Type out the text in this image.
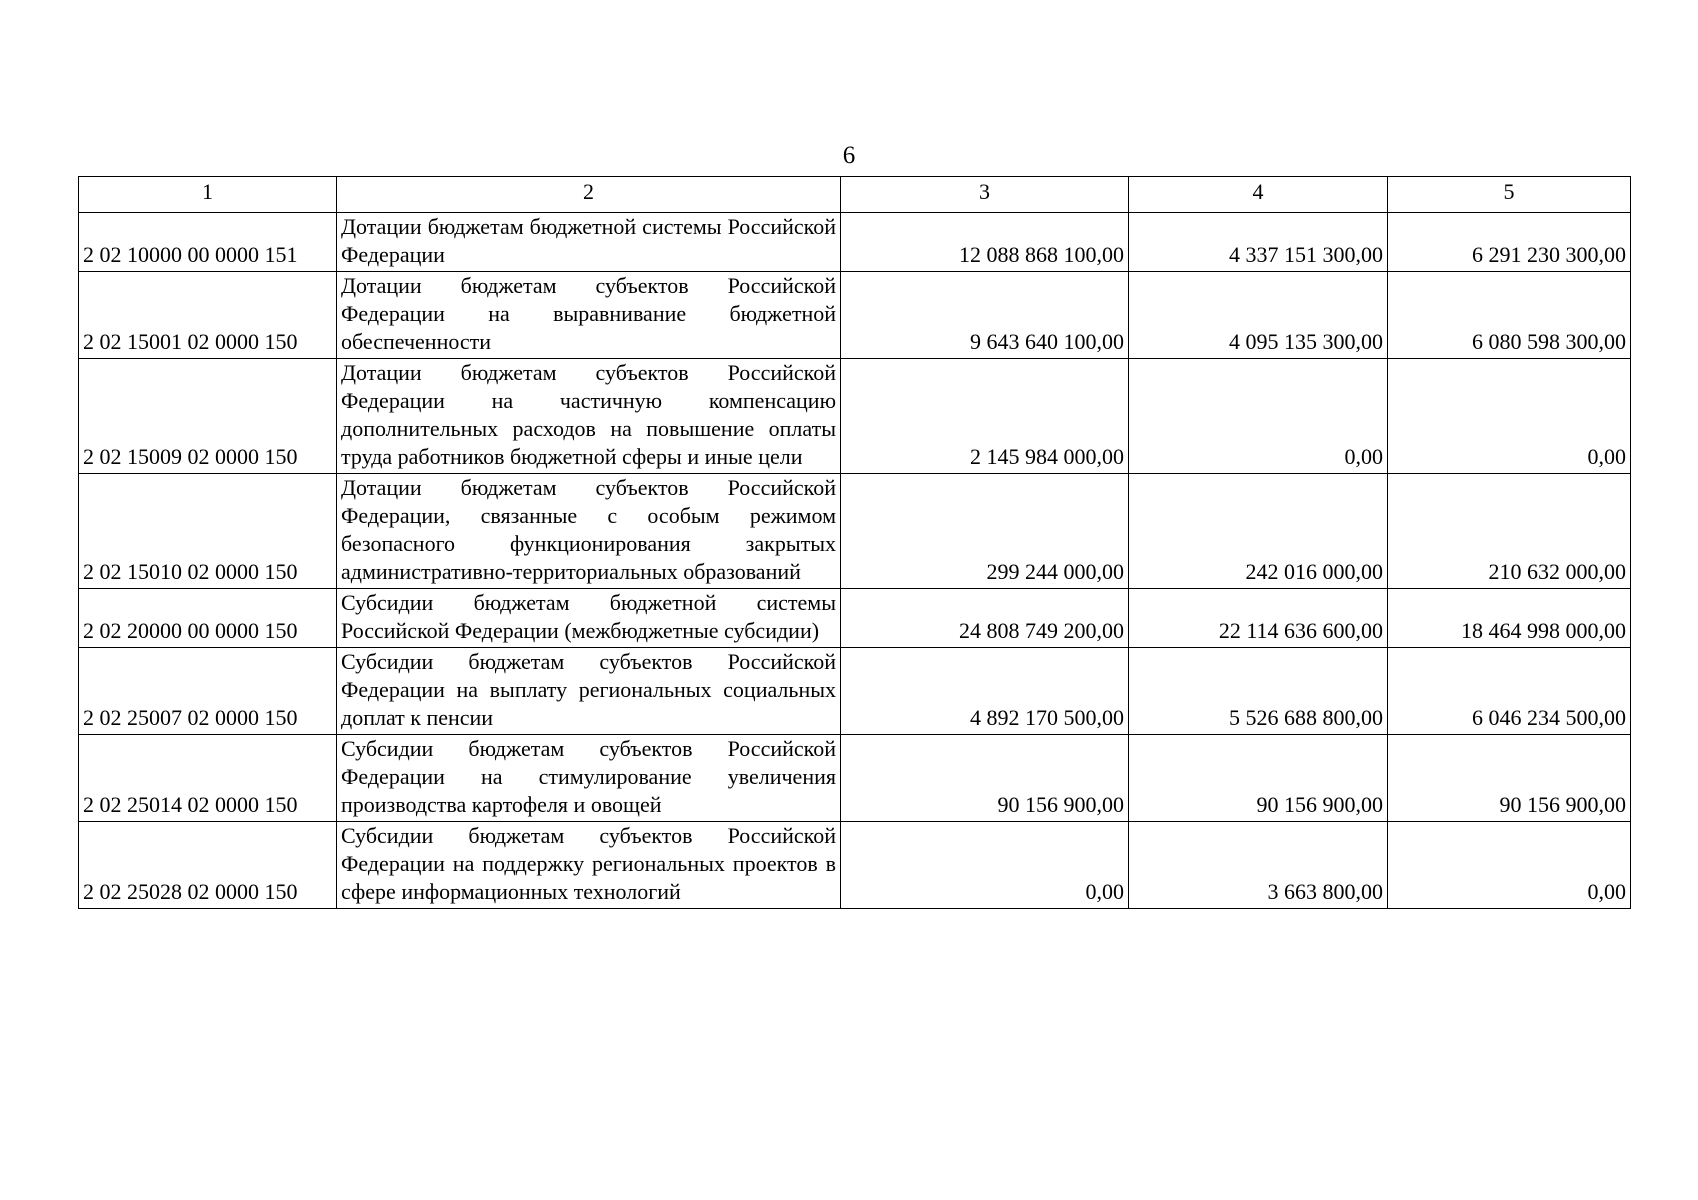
6
1	2	3	4	5
2 02 10000 00 0000 151	Дотации бюджетам бюджетной системы Российской Федерации	12 088 868 100,00	4 337 151 300,00	6 291 230 300,00
2 02 15001 02 0000 150	Дотации бюджетам субъектов Российской Федерации на выравнивание бюджетной обеспеченности	9 643 640 100,00	4 095 135 300,00	6 080 598 300,00
2 02 15009 02 0000 150	Дотации бюджетам субъектов Российской Федерации на частичную компенсацию дополнительных расходов на повышение оплаты труда работников бюджетной сферы и иные цели	2 145 984 000,00	0,00	0,00
2 02 15010 02 0000 150	Дотации бюджетам субъектов Российской Федерации, связанные с особым режимом безопасного функционирования закрытых административно-территориальных образований	299 244 000,00	242 016 000,00	210 632 000,00
2 02 20000 00 0000 150	Субсидии бюджетам бюджетной системы Российской Федерации (межбюджетные субсидии)	24 808 749 200,00	22 114 636 600,00	18 464 998 000,00
2 02 25007 02 0000 150	Субсидии бюджетам субъектов Российской Федерации на выплату региональных социальных доплат к пенсии	4 892 170 500,00	5 526 688 800,00	6 046 234 500,00
2 02 25014 02 0000 150	Субсидии бюджетам субъектов Российской Федерации на стимулирование увеличения производства картофеля и овощей	90 156 900,00	90 156 900,00	90 156 900,00
2 02 25028 02 0000 150	Субсидии бюджетам субъектов Российской Федерации на поддержку региональных проектов в сфере информационных технологий	0,00	3 663 800,00	0,00
